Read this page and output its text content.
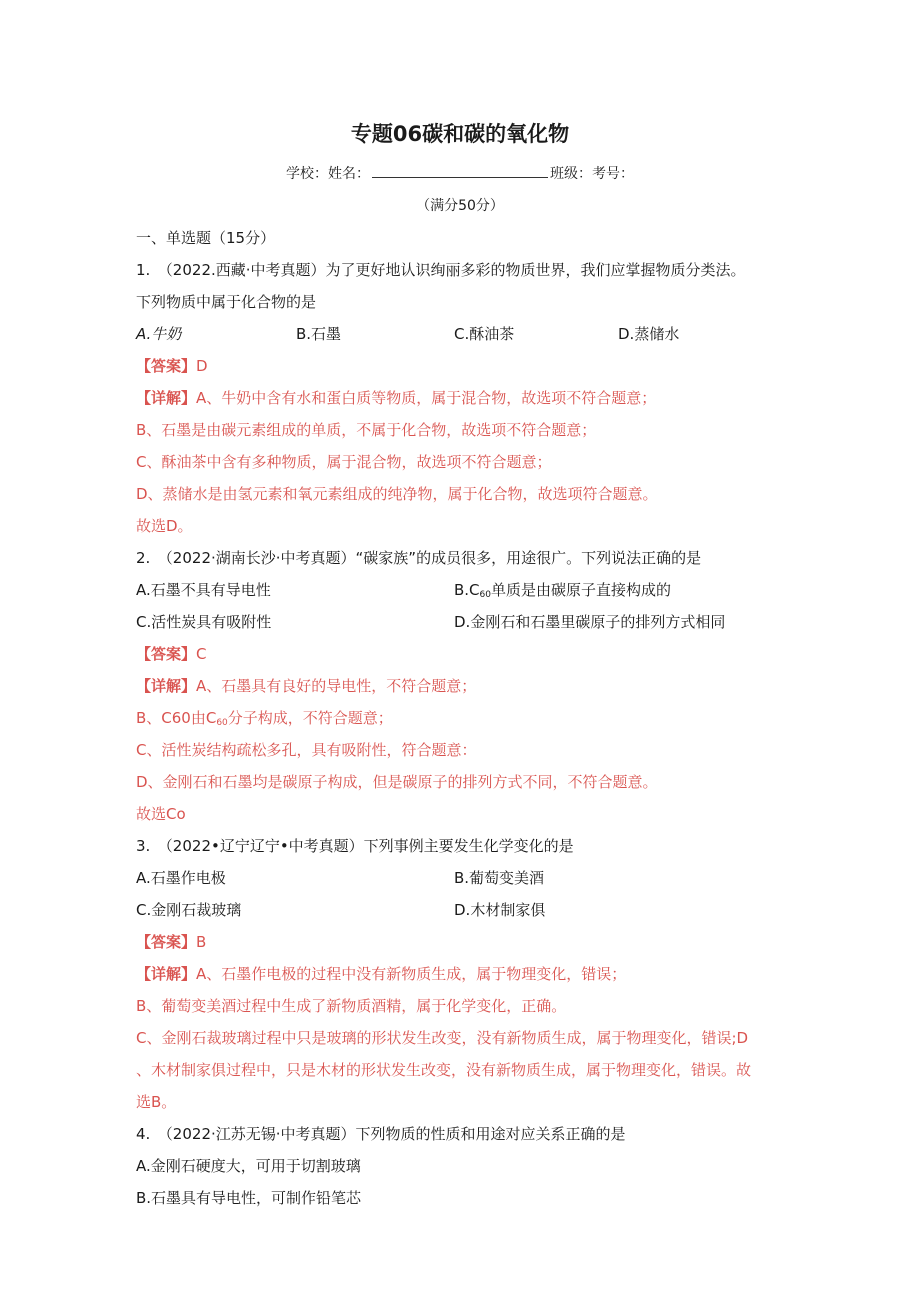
专题06碳和碳的氧化物
学校：姓名：	班级：考号：
（满分50分）
一、单选题（15分）
1.　（2022.西藏·中考真题）为了更好地认识绚丽多彩的物质世界，我们应掌握物质分类法。
下列物质中属于化合物的是
A.牛奶	B.石墨	C.酥油茶	D.蒸储水
【答案】D
【详解】A、牛奶中含有水和蛋白质等物质，属于混合物，故选项不符合题意；
B、石墨是由碳元素组成的单质，不属于化合物，故选项不符合题意；
C、酥油茶中含有多种物质，属于混合物，故选项不符合题意；
D、蒸储水是由氢元素和氧元素组成的纯净物，属于化合物，故选项符合题意。
故选D。
2.　（2022·湖南长沙·中考真题）“碳家族”的成员很多，用途很广。下列说法正确的是
A.石墨不具有导电性	$B.C_{60}$单质是由碳原子直接构成的
C.活性炭具有吸附性	D.金刚石和石墨里碳原子的排列方式相同
【答案】C
【详解】A、石墨具有良好的导电性，不符合题意；
B、C60由$C_{60}$分子构成，不符合题意；
C、活性炭结构疏松多孔，具有吸附性，符合题意：
D、金刚石和石墨均是碳原子构成，但是碳原子的排列方式不同，不符合题意。
故选Co
3.　（2022•辽宁辽宁•中考真题）下列事例主要发生化学变化的是
A.石墨作电极	B.葡萄变美酒
C.金刚石裁玻璃	D.木材制家俱
【答案】B
【详解】A、石墨作电极的过程中没有新物质生成，属于物理变化，错误；
B、葡萄变美酒过程中生成了新物质酒精，属于化学变化，正确。
C、金刚石裁玻璃过程中只是玻璃的形状发生改变，没有新物质生成，属于物理变化，错误;D
、木材制家俱过程中，只是木材的形状发生改变，没有新物质生成，属于物理变化，错误。故
选B。
4.　（2022·江苏无锡·中考真题）下列物质的性质和用途对应关系正确的是
A.金刚石硬度大，可用于切割玻璃
B.石墨具有导电性，可制作铅笔芯
